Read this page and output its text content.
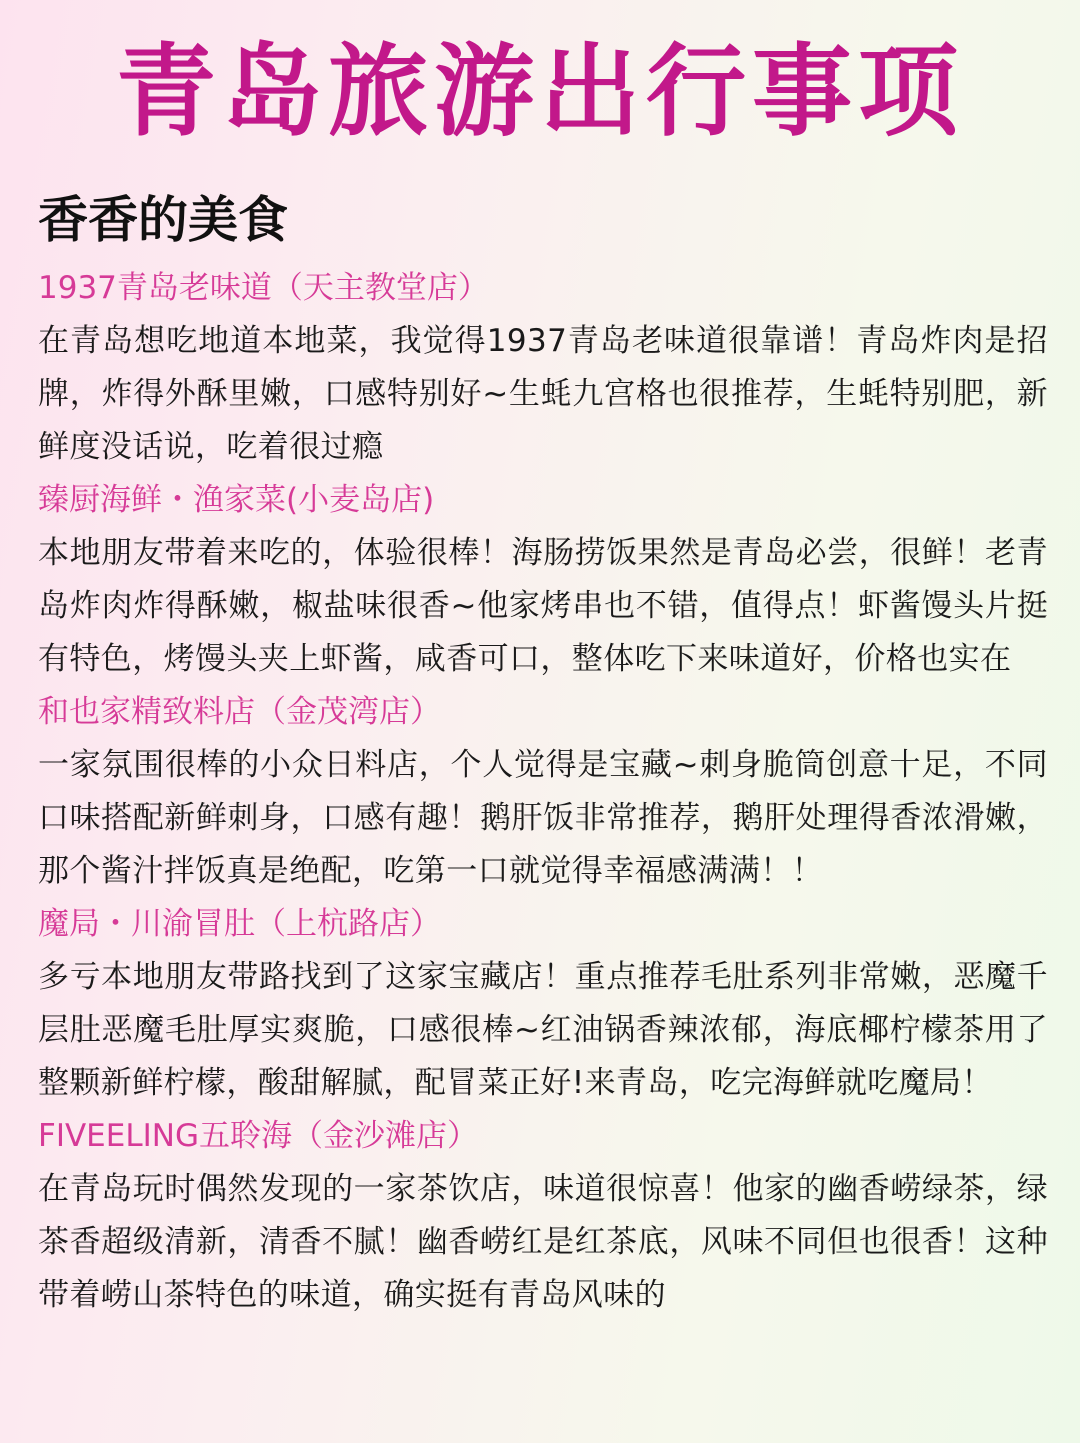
青岛旅游出行事项
香香的美食

1937青岛老味道（天主教堂店）

在青岛想吃地道本地菜，我觉得1937青岛老味道很靠谱！青岛炸肉是招牌，炸得外酥里嫩，口感特别好~生蚝九宫格也很推荐，生蚝特别肥，新鲜度没话说，吃着很过瘾

臻厨海鲜・渔家菜(小麦岛店)

本地朋友带着来吃的，体验很棒！海肠捞饭果然是青岛必尝，很鲜！老青岛炸肉炸得酥嫩，椒盐味很香~他家烤串也不错，值得点！虾酱馒头片挺有特色，烤馒头夹上虾酱，咸香可口，整体吃下来味道好，价格也实在

和也家精致料店（金茂湾店）

一家氛围很棒的小众日料店，个人觉得是宝藏~刺身脆筒创意十足，不同口味搭配新鲜刺身，口感有趣！鹅肝饭非常推荐，鹅肝处理得香浓滑嫩，那个酱汁拌饭真是绝配，吃第一口就觉得幸福感满满！！

魔局・川渝冒肚（上杭路店）

多亏本地朋友带路找到了这家宝藏店！重点推荐毛肚系列非常嫩，恶魔千层肚恶魔毛肚厚实爽脆，口感很棒~红油锅香辣浓郁，海底椰柠檬茶用了整颗新鲜柠檬，酸甜解腻，配冒菜正好!来青岛，吃完海鲜就吃魔局！

FIVEELING五聆海（金沙滩店）

在青岛玩时偶然发现的一家茶饮店，味道很惊喜！他家的幽香崂绿茶，绿茶香超级清新，清香不腻！幽香崂红是红茶底，风味不同但也很香！这种带着崂山茶特色的味道，确实挺有青岛风味的
